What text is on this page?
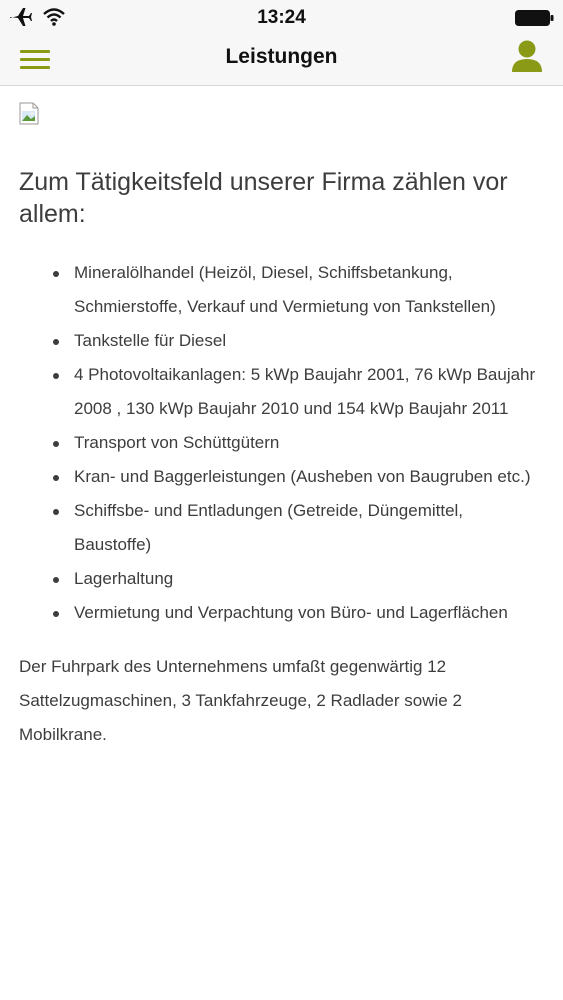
13:24
Leistungen
Zum Tätigkeitsfeld unserer Firma zählen vor allem:
Mineralölhandel (Heizöl, Diesel, Schiffsbetankung, Schmierstoffe, Verkauf und Vermietung von Tankstellen)
Tankstelle für Diesel
4 Photovoltaikanlagen: 5 kWp Baujahr 2001, 76 kWp Baujahr 2008 , 130 kWp Baujahr 2010 und 154 kWp Baujahr 2011
Transport von Schüttgütern
Kran- und Baggerleistungen (Ausheben von Baugruben etc.)
Schiffsbe- und Entladungen (Getreide, Düngemittel, Baustoffe)
Lagerhaltung
Vermietung und Verpachtung von Büro- und Lagerflächen
Der Fuhrpark des Unternehmens umfaßt gegenwärtig 12 Sattelzugmaschinen, 3 Tankfahrzeuge, 2 Radlader sowie 2 Mobilkrane.
